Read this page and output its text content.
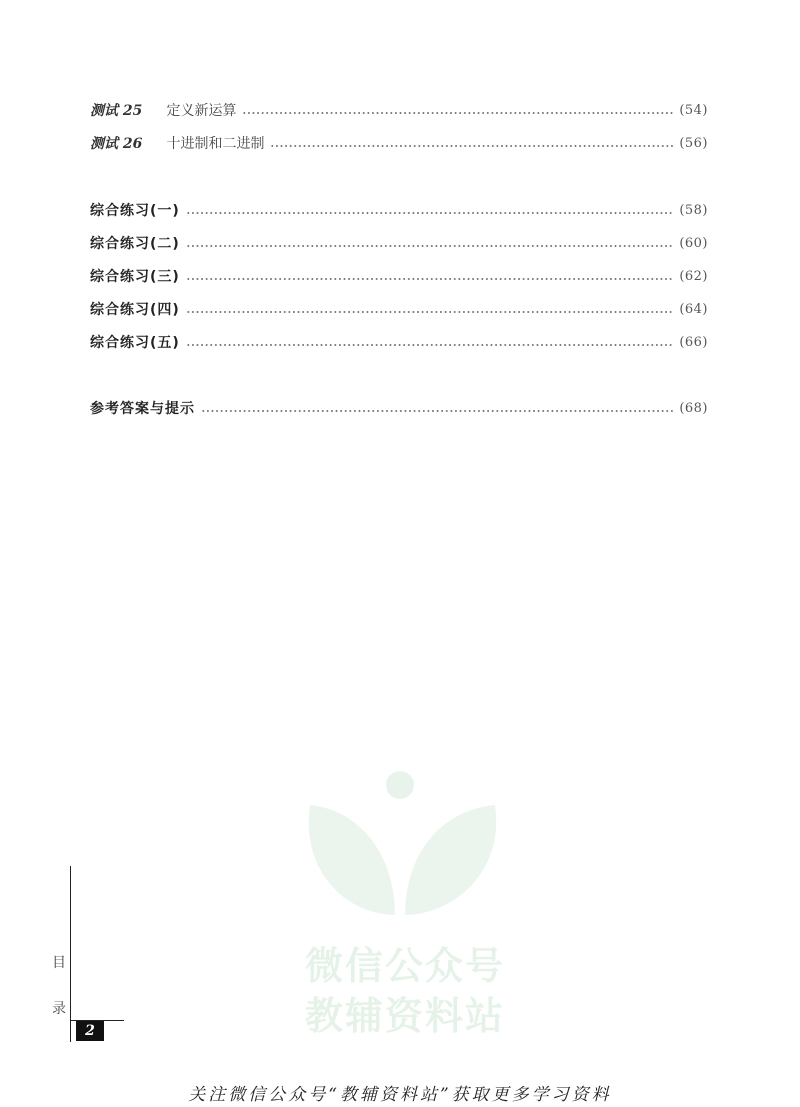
测试 25 定义新运算	(54)
测试 26 十进制和二进制	(56)
综合练习(一)	(58)
综合练习(二)	(60)
综合练习(三)	(62)
综合练习(四)	(64)
综合练习(五)	(66)
参考答案与提示	(68)
微信公众号
教辅资料站
目
录
2
关注微信公众号“教辅资料站”获取更多学习资料
